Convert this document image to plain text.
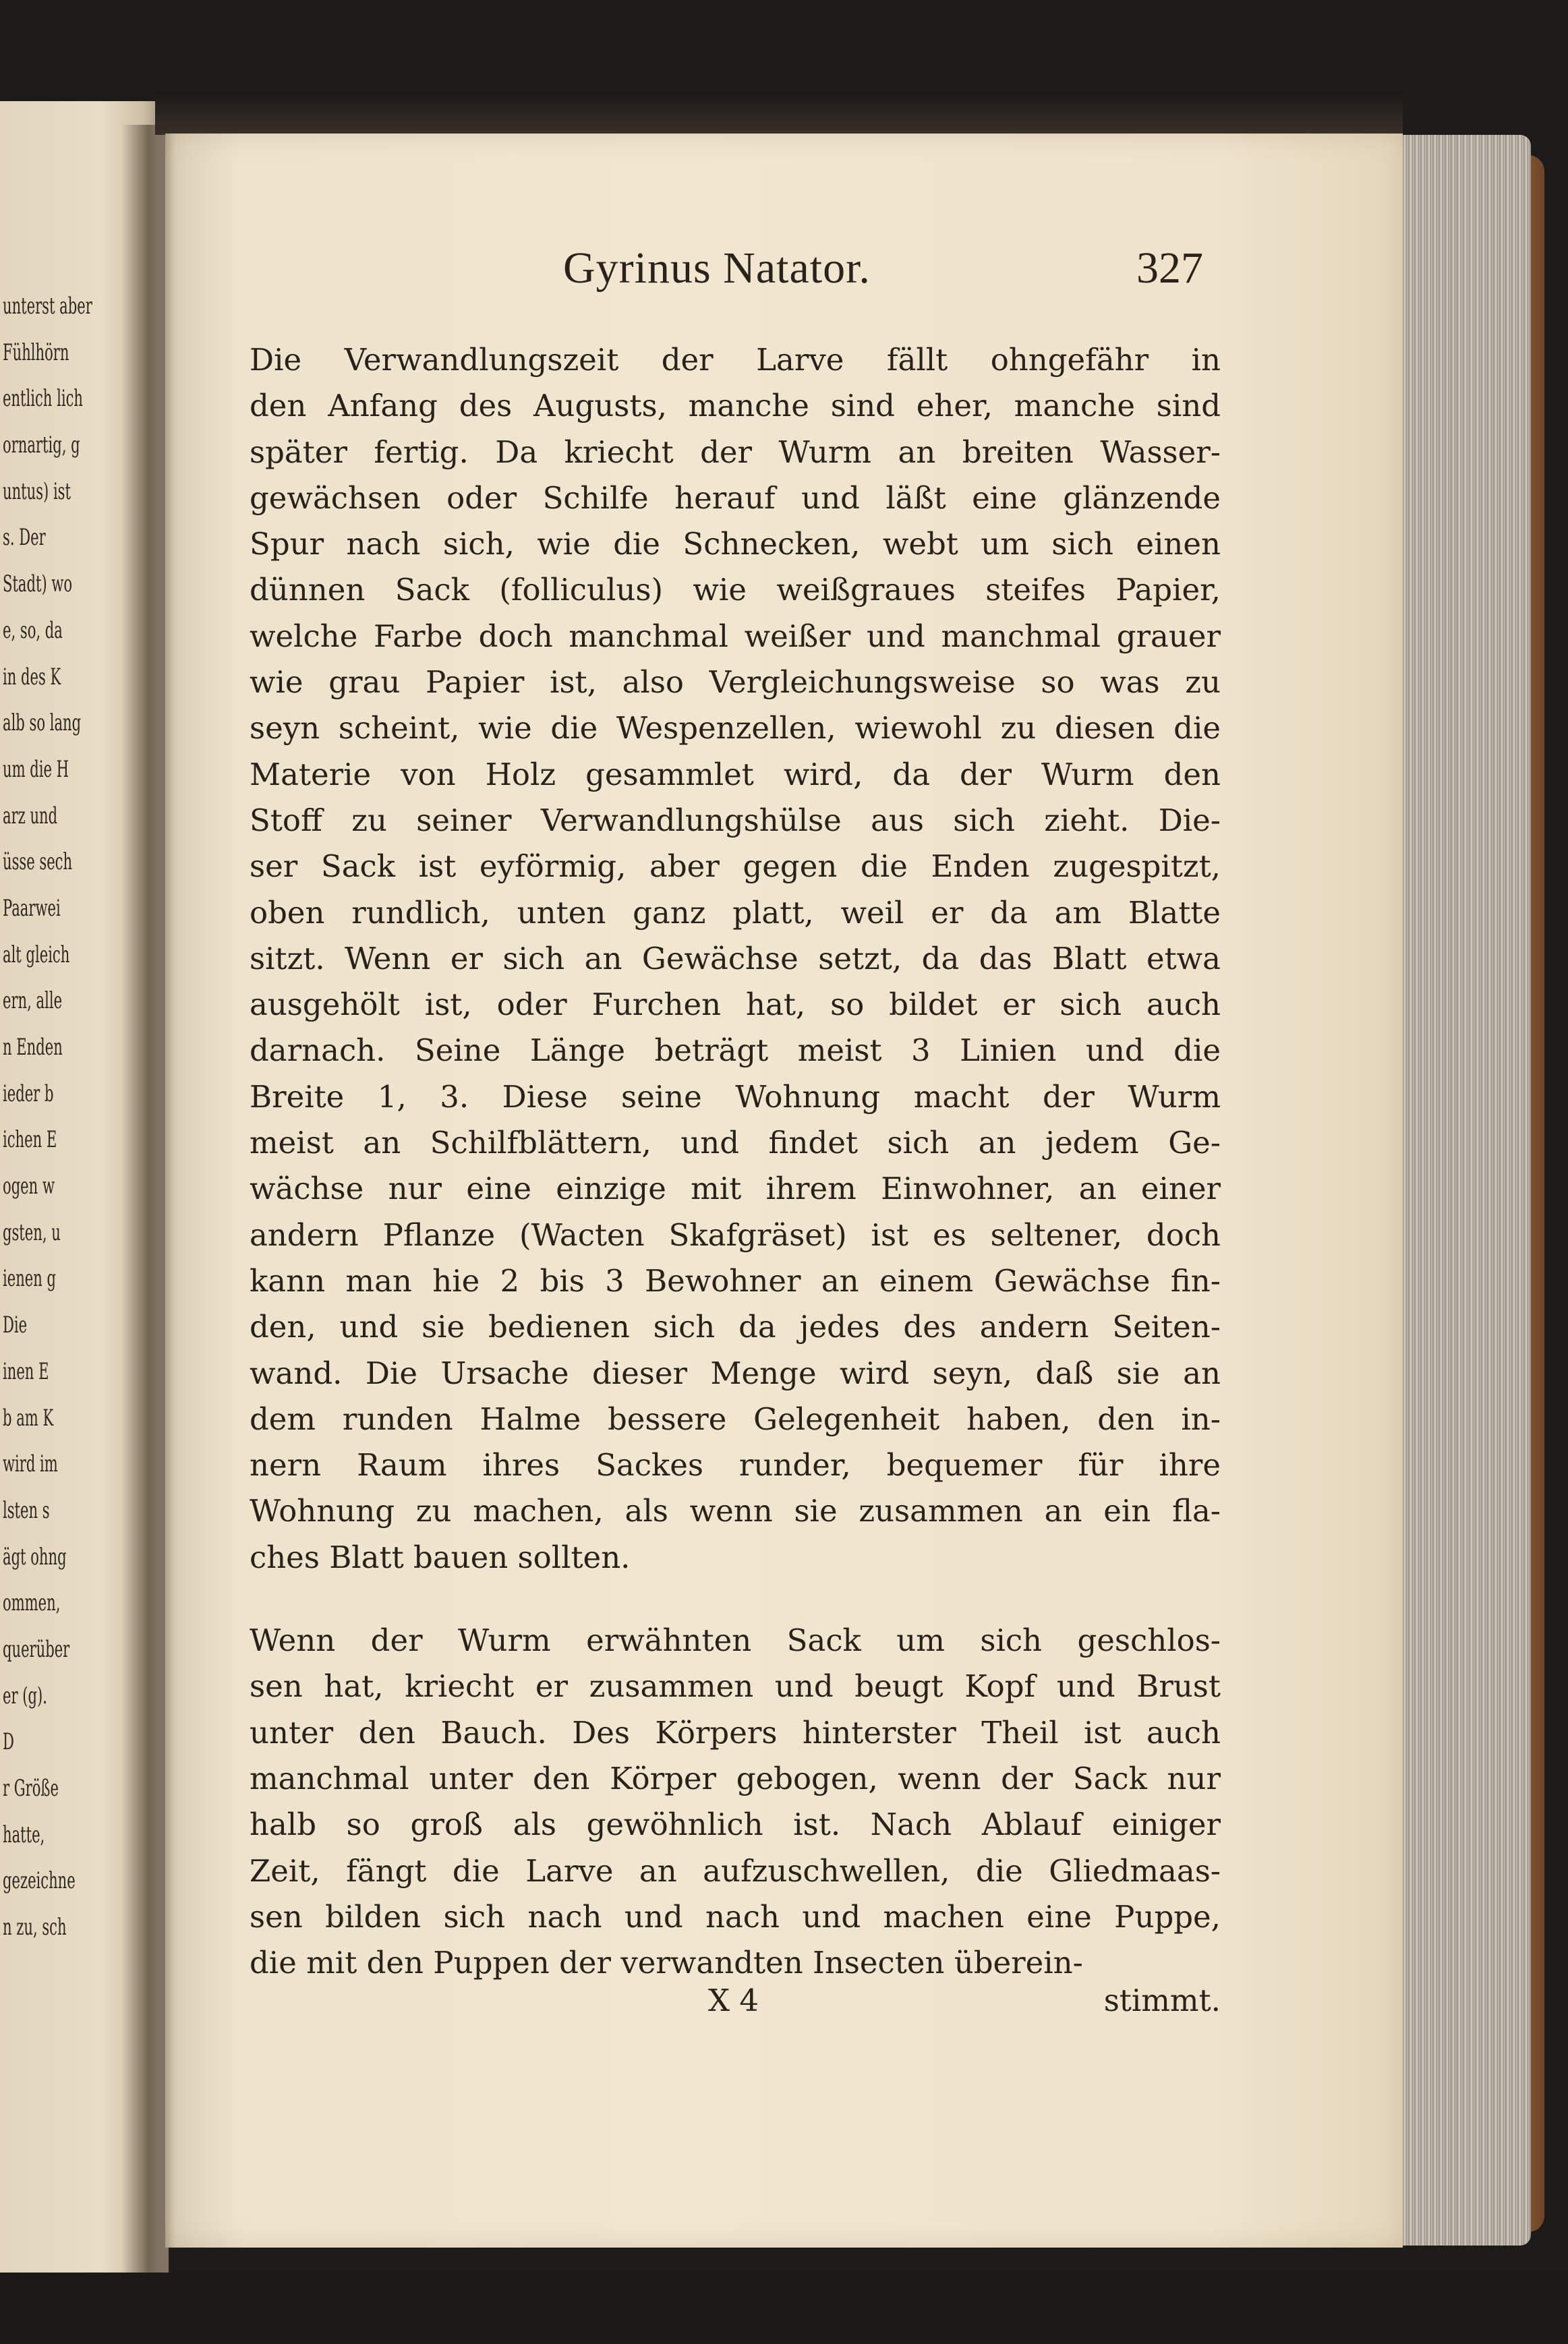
unterst aber
Fühlhörn
entlich lich
ornartig, g
untus) ist
s. Der
Stadt) wo
e, so, da
in des K
alb so lang
um die H
arz und
üsse sech
Paarwei
alt gleich
ern, alle
n Enden
ieder b
ichen E
ogen w
gsten, u
ienen g
Die
inen E
b am K
wird im
lsten s
ägt ohng
ommen,
querüber
er (g).
D
r Größe
hatte,
gezeichne
n zu, sch
Gyrinus Natator.	327
Die Verwandlungszeit der Larve fällt ohngefähr in
den Anfang des Augusts, manche sind eher, manche sind
später fertig. Da kriecht der Wurm an breiten Wasser-
gewächsen oder Schilfe herauf und läßt eine glänzende
Spur nach sich, wie die Schnecken, webt um sich einen
dünnen Sack (folliculus) wie weißgraues steifes Papier,
welche Farbe doch manchmal weißer und manchmal grauer
wie grau Papier ist, also Vergleichungsweise so was zu
seyn scheint, wie die Wespenzellen, wiewohl zu diesen die
Materie von Holz gesammlet wird, da der Wurm den
Stoff zu seiner Verwandlungshülse aus sich zieht. Die-
ser Sack ist eyförmig, aber gegen die Enden zugespitzt,
oben rundlich, unten ganz platt, weil er da am Blatte
sitzt. Wenn er sich an Gewächse setzt, da das Blatt etwa
ausgehölt ist, oder Furchen hat, so bildet er sich auch
darnach. Seine Länge beträgt meist 3 Linien und die
Breite 1, 3. Diese seine Wohnung macht der Wurm
meist an Schilfblättern, und findet sich an jedem Ge-
wächse nur eine einzige mit ihrem Einwohner, an einer
andern Pflanze (Wacten Skafgräset) ist es seltener, doch
kann man hie 2 bis 3 Bewohner an einem Gewächse fin-
den, und sie bedienen sich da jedes des andern Seiten-
wand. Die Ursache dieser Menge wird seyn, daß sie an
dem runden Halme bessere Gelegenheit haben, den in-
nern Raum ihres Sackes runder, bequemer für ihre
Wohnung zu machen, als wenn sie zusammen an ein fla-
ches Blatt bauen sollten.
Wenn der Wurm erwähnten Sack um sich geschlos-
sen hat, kriecht er zusammen und beugt Kopf und Brust
unter den Bauch. Des Körpers hinterster Theil ist auch
manchmal unter den Körper gebogen, wenn der Sack nur
halb so groß als gewöhnlich ist. Nach Ablauf einiger
Zeit, fängt die Larve an aufzuschwellen, die Gliedmaas-
sen bilden sich nach und nach und machen eine Puppe,
die mit den Puppen der verwandten Insecten überein-
X 4	stimmt.
